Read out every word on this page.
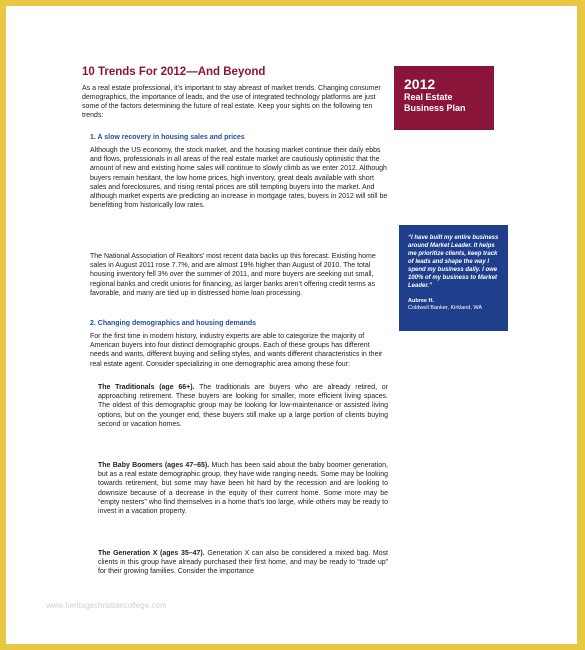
10 Trends For 2012—And Beyond
As a real estate professional, it’s important to stay abreast of market trends. Changing consumer demographics, the importance of leads, and the use of integrated technology platforms are just some of the factors determining the future of real estate. Keep your sights on the following ten trends:
1. A slow recovery in housing sales and prices
Although the US economy, the stock market, and the housing market continue their daily ebbs and flows, professionals in all areas of the real estate market are cautiously optimistic that the amount of new and existing home sales will continue to slowly climb as we enter 2012. Although buyers remain hesitant, the low home prices, high inventory, great deals available with short sales and foreclosures, and rising rental prices are still tempting buyers into the market. And although market experts are predicting an increase in mortgage rates, buyers in 2012 will still be benefitting from historically low rates.
The National Association of Realtors’ most recent data backs up this forecast. Existing home sales in August 2011 rose 7.7%, and are almost 19% higher than August of 2010. The total housing inventory fell 3% over the summer of 2011, and more buyers are seeking out small, regional banks and credit unions for financing, as larger banks aren’t offering credit terms as favorable, and many are tied up in distressed home loan processing.
2. Changing demographics and housing demands
For the first time in modern history, industry experts are able to categorize the majority of American buyers into four distinct demographic groups. Each of these groups has different needs and wants, different buying and selling styles, and wants different characteristics in their real estate agent. Consider specializing in one demographic area among these four:
The Traditionals (age 66+). The traditionals are buyers who are already retired, or approaching retirement. These buyers are looking for smaller, more efficient living spaces. The oldest of this demographic group may be looking for low-maintenance or assisted living options, but on the younger end, these buyers still make up a large portion of clients buying second or vacation homes.
The Baby Boomers (ages 47–65). Much has been said about the baby boomer generation, but as a real estate demographic group, they have wide ranging needs. Some may be looking towards retirement, but some may have been hit hard by the recession and are looking to downsize because of a decrease in the equity of their current home. Some more may be “empty nesters” who find themselves in a home that’s too large, while others may be ready to invest in a vacation property.
The Generation X (ages 35–47). Generation X can also be considered a mixed bag. Most clients in this group have already purchased their first home, and may be ready to “trade up” for their growing families. Consider the importance
2012
Real Estate
Business Plan
“I have built my entire business around Market Leader. It helps me prioritize clients, keep track of leads and shape the way I spend my business daily. I owe 100% of my business to Market Leader.”
Aubree H.
Coldwell Banker, Kirkland, WA
www.heritagechristiancollege.com
